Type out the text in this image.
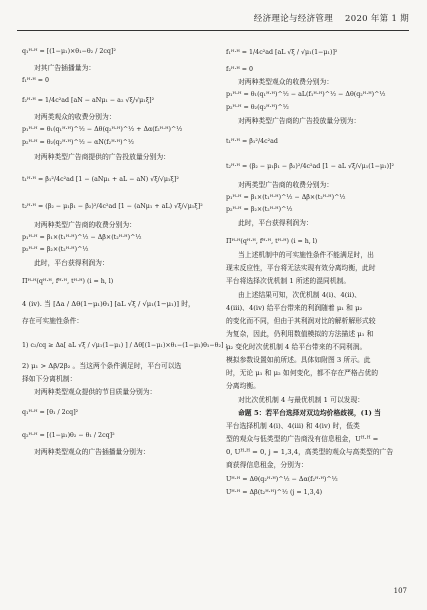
经济理论与经济管理 2020 年第 1 期

q₁ᴴ·ᴴ = [(1−μ₁)×θ₁−θ₂ / 2cq]²

对其广告插播量为：

f₁ᴴ·ᴴ = 0

f₂ᴴ·ᴴ = 1/4c²ad [aN − aNμ₁ − a₂ √ξ/√μ₁ξ]²

对两类观众的收费分别为：

p₁ᴴ·ᴴ = θ₁(q₁ᴴ·ᴴ)^½ − Δθ(q₂ᴴ·ᴴ)^½ + Δα(f₂ᴴ·ᴴ)^½

p₂ᴴ·ᴴ = θ₂(q₂ᴴ·ᴴ)^½ − αN(f₂ᴴ·ᴴ)^½

对两种类型广告商提供的广告投放量分别为：

t₁ᴴ·ᴴ = β₁²/4c²ad [1 − (aNμ₁ + aL − aN) √ξ/√μ₁ξ]²

t₂ᴴ·ᴴ = (β₂ − μ₁β₁ − β₂)²/4c²ad [1 − (aNμ₁ + aL) √ξ/√μ₁ξ]²

对两种类型广告商的收费分别为：

p₁ᴴ·ᴴ = β₁×(t₁ᴴ·ᴴ)^½ − Δβ×(t₂ᴴ·ᴴ)^½

p₂ᴴ·ᴴ = β₂×(t₂ᴴ·ᴴ)^½

此时，平台获得利润为：

Πᴴ·ᴴ(qᴴ·ᴴ, fᴴ·ᴴ, tᴴ·ᴴ) (i = h, l)

4 (iv). 当 [Δa / Δθ(1−μ₁)θ₁] [aL √ξ / √μ₁(1−μ₁)] 时，

存在可实施性条件：

1) c₂/cq ≥ Δa[ aL √ξ / √μ₁(1−μ₁) ] / Δθ[(1−μ₁)×θ₁−(1−μ₁)θ₁−θ₂] ;

2) μ₁ > Δβ/2β₂ 。当这两个条件满足时，平台可以选

择如下分离机制：

对两种类型观众提供的节目质量分别为：

q₁ᴴ·ᴴ = [θ₁ / 2cq]²

q₂ᴴ·ᴴ = [(1−μ₁)θ₂ − θ₁ / 2cq]²

对两种类型观众的广告插播量分别为：

f₁ᴴ·ᴴ = 1/4c²ad [aL √ξ / √μ₁(1−μ₁)]²

f₂ᴴ·ᴴ = 0

对两种类型观众的收费分别为：

p₁ᴴ·ᴴ = θ₁(q₁ᴴ·ᴴ)^½ − aL(f₁ᴴ·ᴴ)^½ − Δθ(q₂ᴴ·ᴴ)^½

p₂ᴴ·ᴴ = θ₂(q₂ᴴ·ᴴ)^½

对两种类型广告商的广告投放量分别为：

t₁ᴴ·ᴴ = β₁²/4c²ad

t₂ᴴ·ᴴ = (β₂ − μ₁β₁ − β₂)²/4c²ad [1 − aL √ξ/√μ₁(1−μ₁)]²

对两类型广告商的收费分别为：

p₁ᴴ·ᴴ = β₁×(t₁ᴴ·ᴴ)^½ − Δβ×(t₂ᴴ·ᴴ)^½

p₂ᴴ·ᴴ = β₂×(t₂ᴴ·ᴴ)^½

此时，平台获得利润为：

Πᴴ·ᴴ(qᴴ·ᴴ, fᴴ·ᴴ, tᴴ·ᴴ) (i = h, l)

当上述机制中的可实施性条件不能满足时，出

现末反应性，平台将无法实现有效分离均衡，此时

平台将选择次优机制 1 所述的混同机制。

由上述结果可知，次优机制 4(i)、4(ii)、

4(iii)、4(iv) 给平台带来的利润随着 μ₁ 和 μ₂

的变化而不同，但由于其利润对比的解析解形式较

为复杂，因此，仍利用数值模拟的方法描述 μ₁ 和

μ₂ 变化时次优机制 4 给平台带来的不同利润。

模拟参数设置如前所述。具体如附图 3 所示。此

时，无论 μ₁ 和 μ₂ 如何变化，都不存在严格占优的

分离均衡。

对比次优机制 4 与最优机制 1 可以发现：

命题 5：若平台选择对双边均价格歧视，(1) 当

平台选择机制 4(i)、4(iii) 和 4(iv) 时，低类

型的观众与低类型的广告商没有信息租金，Uᴴ·ᴴ =

0, Uᴴ·ᴴ = 0, j = 1,3,4，高类型的观众与高类型的广告

商获得信息租金，分别为：

Uᴴ·ᴴ = Δθ(q₂ᴴ·ᴴ)^½ − Δα(f₂ᴴ·ᴴ)^½

Uᴴ·ᴴ = Δβ(t₂ᴴ·ᴴ)^½ (j = 1,3,4)

107
